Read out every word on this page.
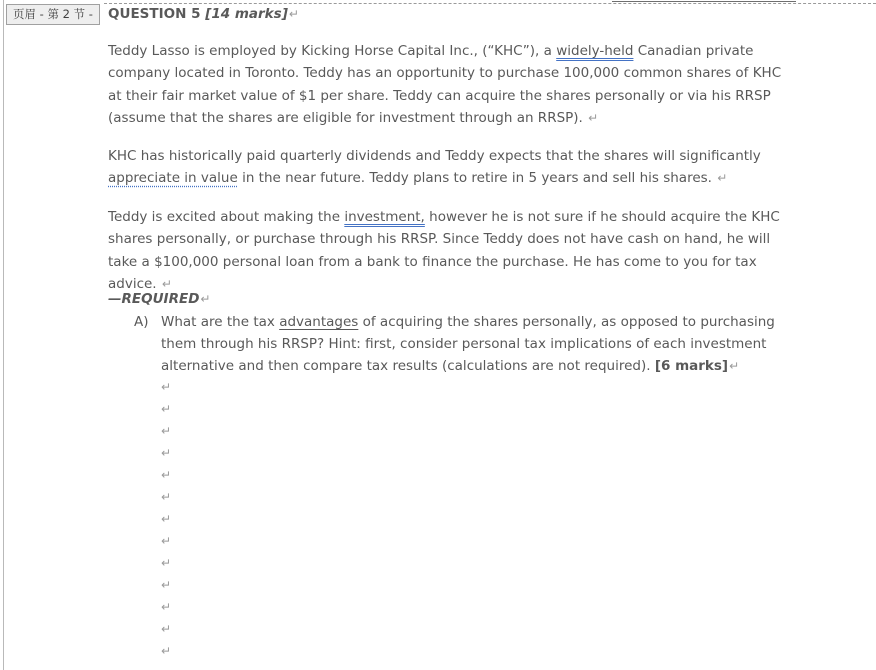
页眉 - 第 2 节 -	QUESTION 5 [14 marks]↵

Teddy Lasso is employed by Kicking Horse Capital Inc., (“KHC”), a widely-held Canadian private company located in Toronto. Teddy has an opportunity to purchase 100,000 common shares of KHC at their fair market value of $1 per share. Teddy can acquire the shares personally or via his RRSP (assume that the shares are eligible for investment through an RRSP). ↵

KHC has historically paid quarterly dividends and Teddy expects that the shares will significantly appreciate in value in the near future. Teddy plans to retire in 5 years and sell his shares. ↵

Teddy is excited about making the investment, however he is not sure if he should acquire the KHC shares personally, or purchase through his RRSP. Since Teddy does not have cash on hand, he will take a $100,000 personal loan from a bank to finance the purchase. He has come to you for tax advice. ↵

—REQUIRED↵
A) What are the tax advantages of acquiring the shares personally, as opposed to purchasing them through his RRSP? Hint: first, consider personal tax implications of each investment alternative and then compare tax results (calculations are not required). [6 marks]↵

↵
↵
↵
↵
↵
↵
↵
↵
↵
↵
↵
↵
↵
